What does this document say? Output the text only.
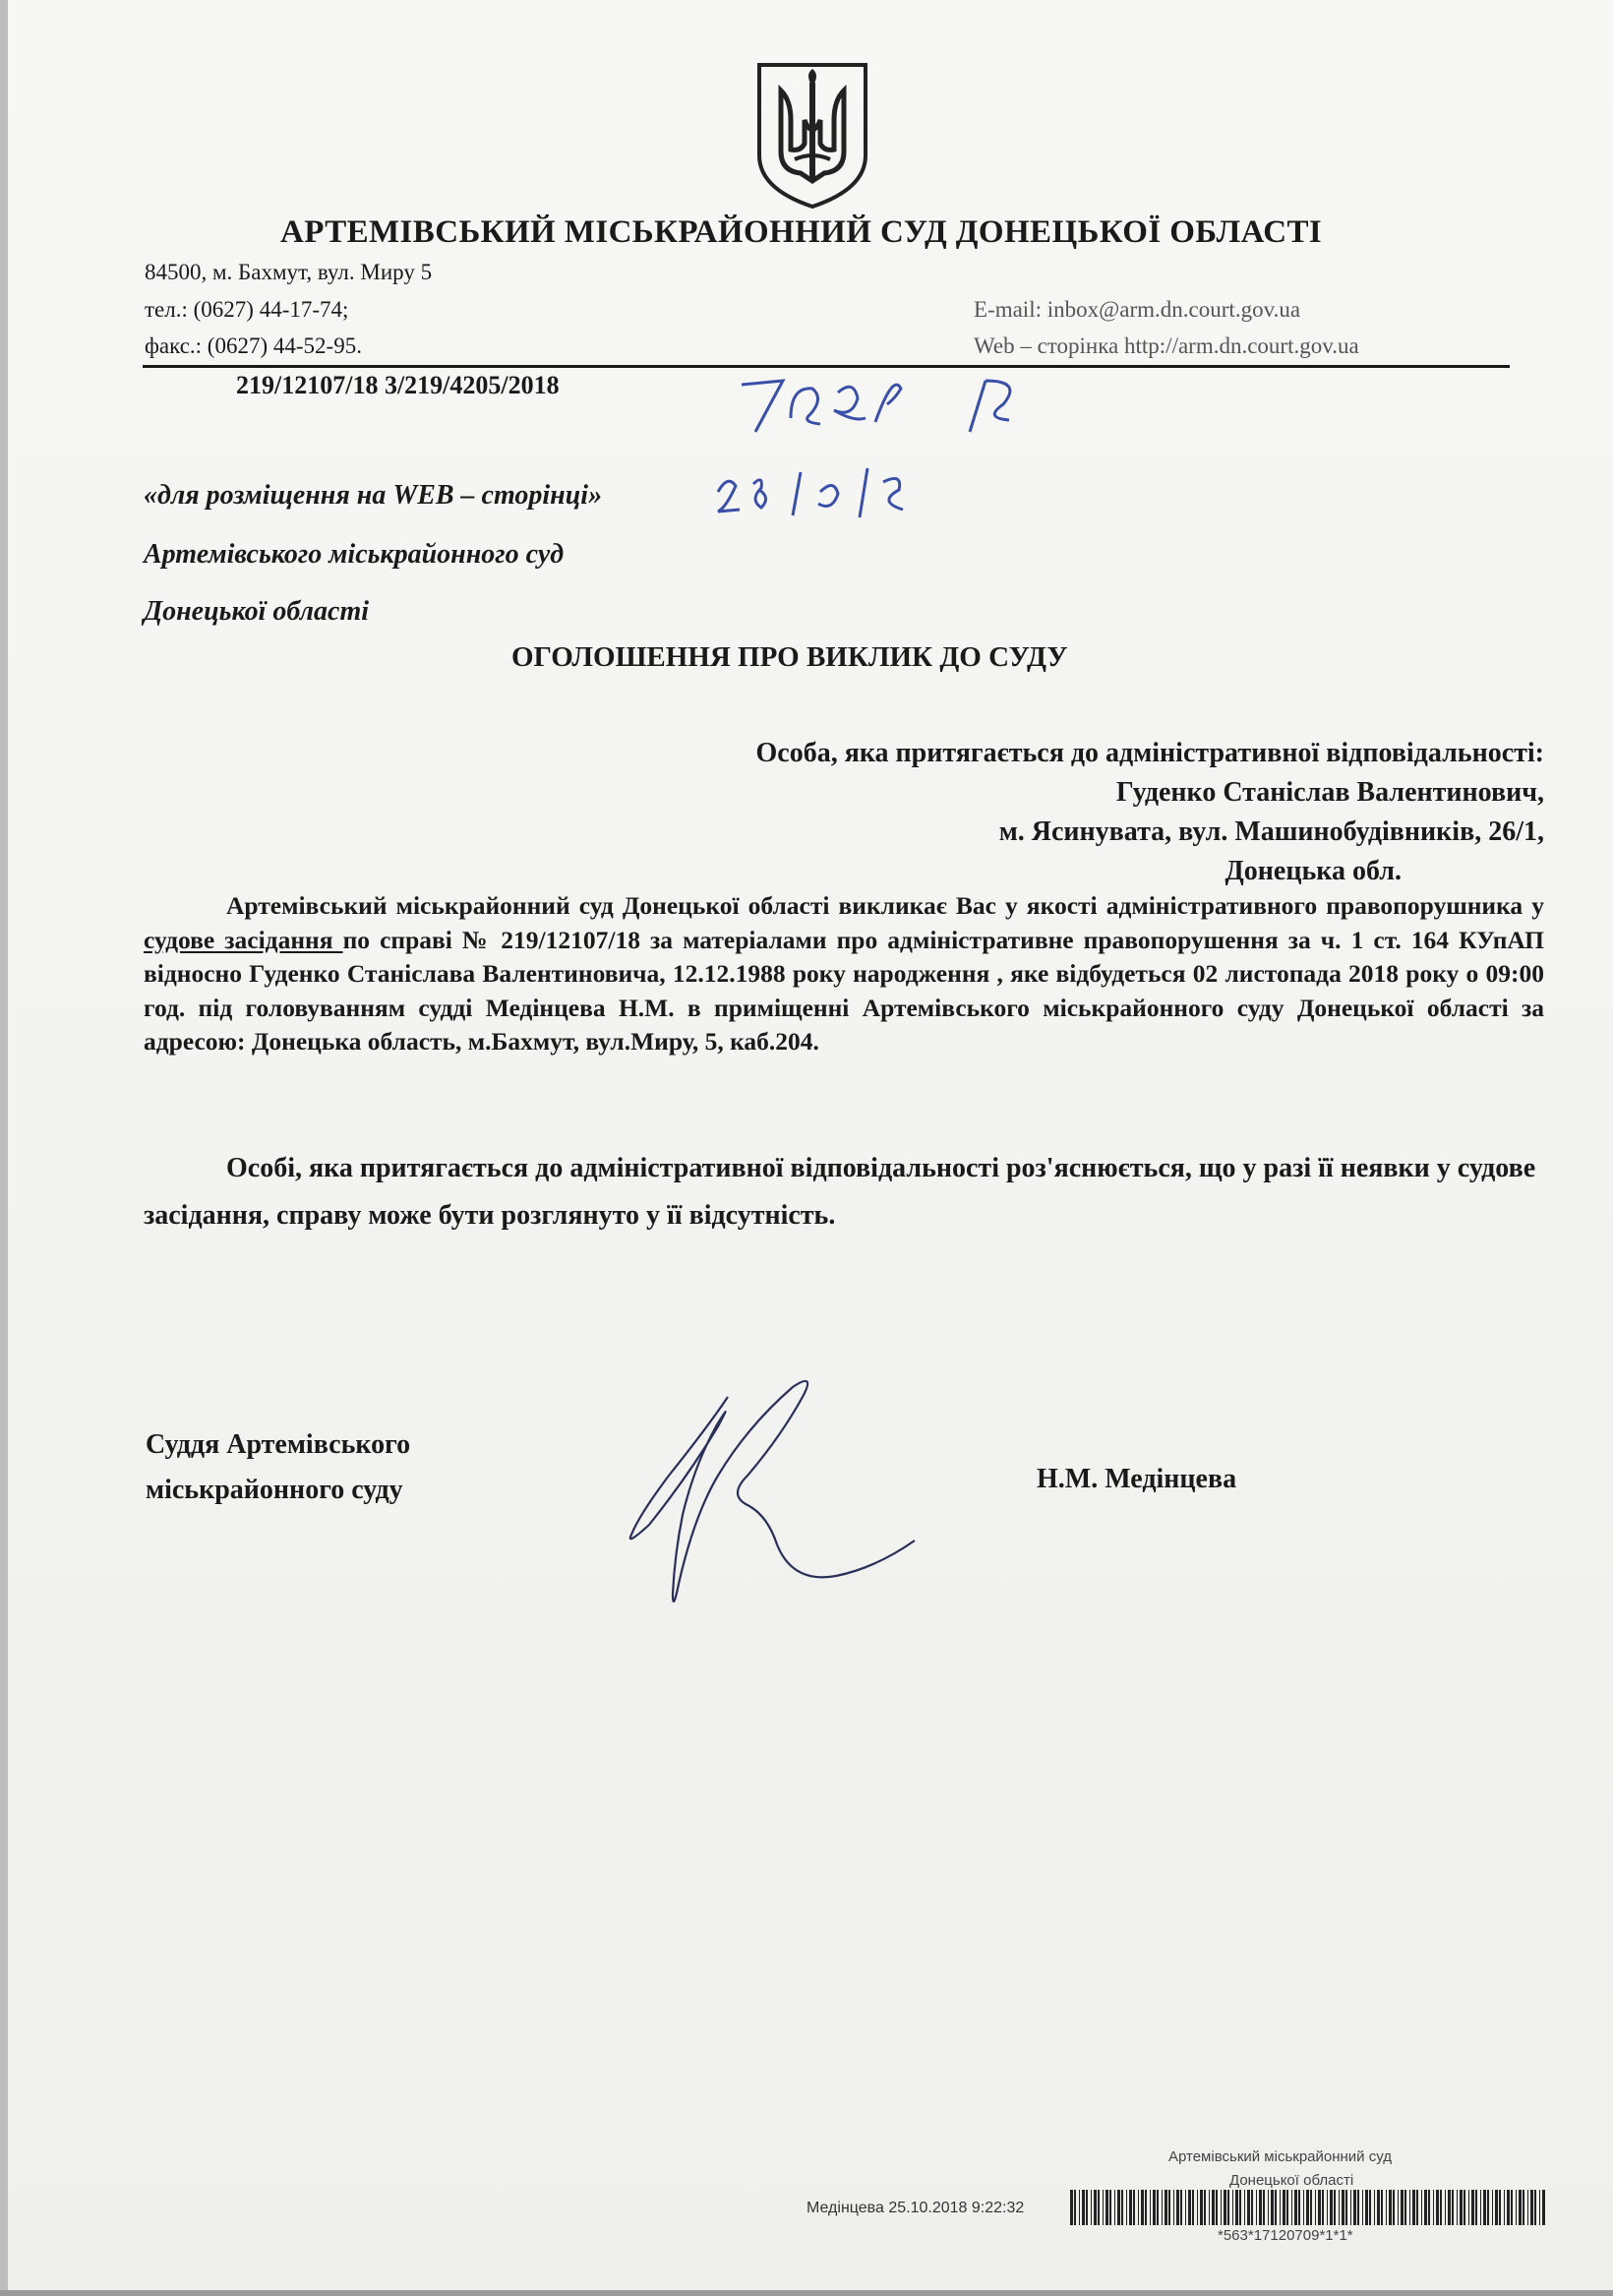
АРТЕМІВСЬКИЙ МІСЬКРАЙОННИЙ СУД ДОНЕЦЬКОЇ ОБЛАСТІ
84500, м. Бахмут, вул. Миру 5
тел.: (0627) 44-17-74;
факс.: (0627) 44-52-95.
E-mail: inbox@arm.dn.court.gov.ua
Web – сторінка http://arm.dn.court.gov.ua
219/12107/18 3/219/4205/2018
«для розміщення на WEB – сторінці»
Артемівського міськрайонного суд
Донецької області
ОГОЛОШЕННЯ ПРО ВИКЛИК ДО СУДУ
Особа, яка притягається до адміністративної відповідальності:
Гуденко Станіслав Валентинович,
м. Ясинувата, вул. Машинобудівників, 26/1,
Донецька обл.
Артемівський міськрайонний суд Донецької області викликає Вас у якості адміністративного правопорушника у судове засідання по справі № 219/12107/18 за матеріалами про адміністративне правопорушення за ч. 1 ст. 164 КУпАП відносно Гуденко Станіслава Валентиновича, 12.12.1988 року народження , яке відбудеться 02 листопада 2018 року о 09:00 год. під головуванням судді Медінцева Н.М. в приміщенні Артемівського міськрайонного суду Донецької області за адресою: Донецька область, м.Бахмут, вул.Миру, 5, каб.204.
Особі, яка притягається до адміністративної відповідальності роз'яснюється, що у разі її неявки у судове засідання, справу може бути розглянуто у її відсутність.
Суддя Артемівського
міськрайонного суду	Н.М. Медінцева
Артемівський міськрайонний суд
Донецької області
Медінцева 25.10.2018 9:22:32
*563*17120709*1*1*
